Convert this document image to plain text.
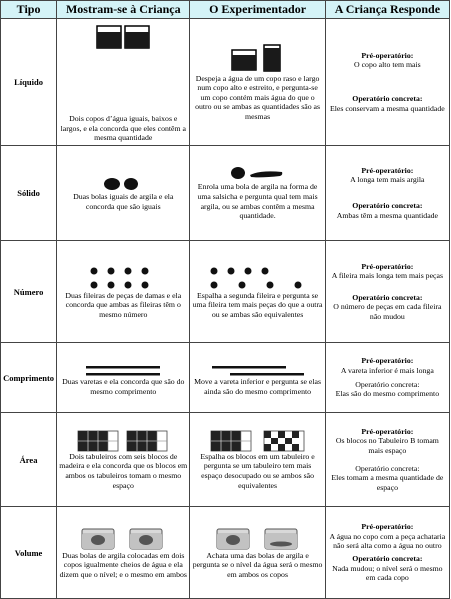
Tipo	Mostram-se à Criança	O Experimentador	A Criança Responde
Líquido	Dois copos d’água iguais, baixos e largos, e ela concorda que eles contêm a mesma quantidade	Despeja a água de um copo raso e largo num copo alto e estreito, e pergunta-se um copo contém mais água do que o outro ou se ambas as quantidades são as mesmas	Pré-operatório:
O copo alto tem mais
Operatório concreta:
Eles conservam a mesma quantidade
Sólido	Duas bolas iguais de argila e ela concorda que são iguais	Enrola uma bola de argila na forma de uma salsicha e pergunta qual tem mais argila, ou se ambas contêm a mesma quantidade.	Pré-operatório:
A longa tem mais argila
Operatório concreta:
Ambas têm a mesma quantidade
Número	Duas fileiras de peças de damas e ela concorda que ambas as fileiras têm o mesmo número	Espalha a segunda fileira e pergunta se uma fileira tem mais peças do que a outra ou se ambas são equivalentes	Pré-operatório:
A fileira mais longa tem mais peças
Operatório concreta:
O número de peças em cada fileira não mudou
Comprimento	Duas varetas e ela concorda que são do mesmo comprimento	Move a vareta inferior e pergunta se elas ainda são do mesmo comprimento	Pré-operatório:
A vareta inferior é mais longa
Operatório concreta:
Elas são do mesmo comprimento
Área	Dois tabuleiros com seis blocos de madeira e ela concorda que os blocos em ambos os tabuleiros tomam o mesmo espaço	Espalha os blocos em um tabuleiro e pergunta se um tabuleiro tem mais espaço desocupado ou se ambos são equivalentes	Pré-operatório:
Os blocos no Tabuleiro B tomam mais espaço
Operatório concreta:
Eles tomam a mesma quantidade de espaço
Volume	Duas bolas de argila colocadas em dois copos igualmente cheios de água e ela dizem que o nível; e o mesmo em ambos	Achata uma das bolas de argila e pergunta se o nível da água será o mesmo em ambos os copos	Pré-operatório:
A água no copo com a peça achataria não será alta como a água no outro
Operatório concreta:
Nada mudou; o nível será o mesmo em cada copo
